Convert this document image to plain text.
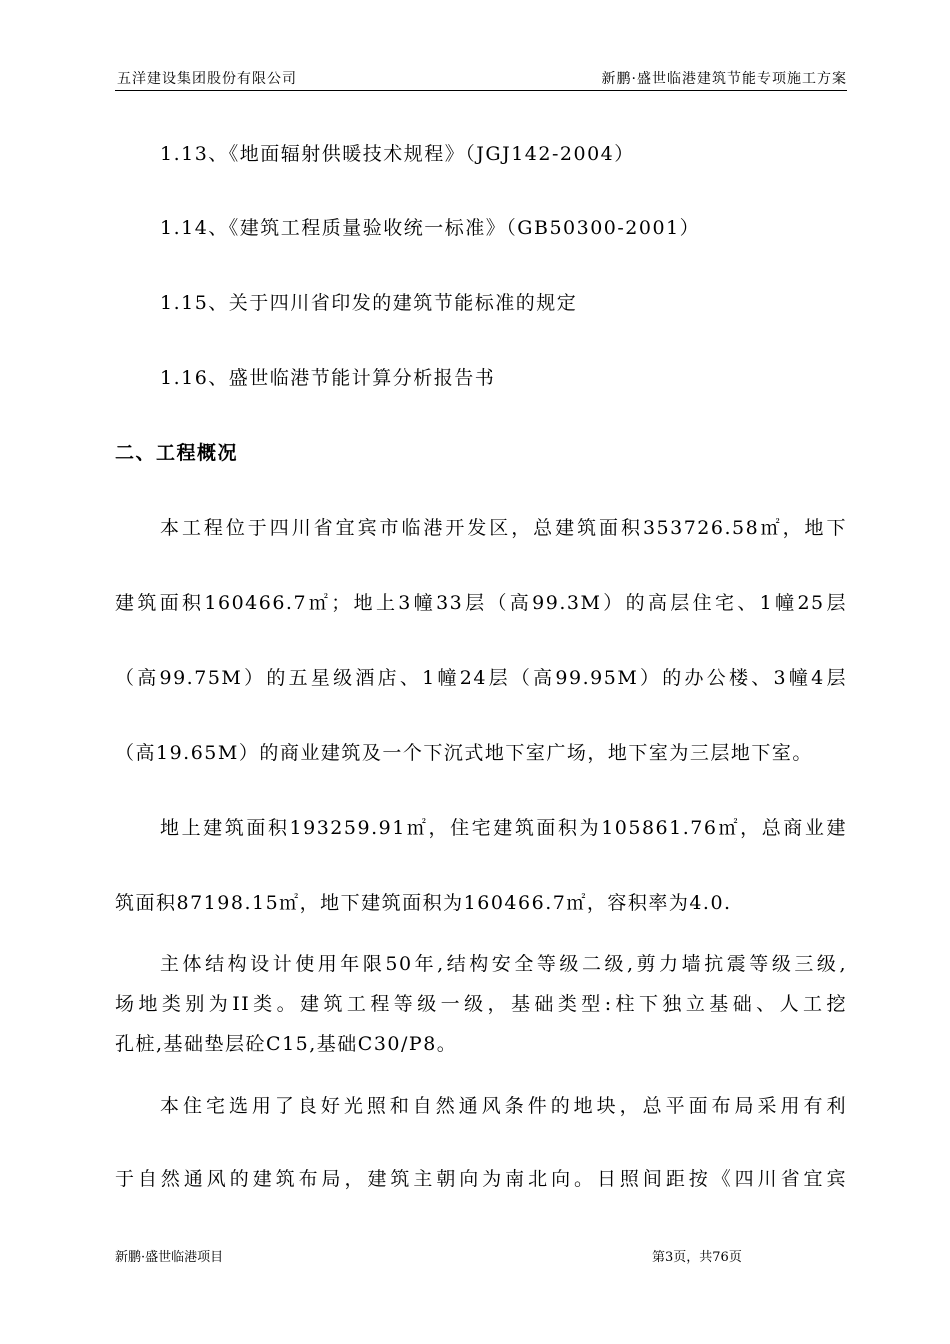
五洋建设集团股份有限公司	新鹏·盛世临港建筑节能专项施工方案
1.13、《地面辐射供暖技术规程》（JGJ142-2004）
1.14、《建筑工程质量验收统一标准》（GB50300-2001）
1.15、关于四川省印发的建筑节能标准的规定
1.16、盛世临港节能计算分析报告书
二、工程概况
本工程位于四川省宜宾市临港开发区，总建筑面积353726.58㎡，地下
建筑面积160466.7㎡；地上3幢33层（高99.3M）的高层住宅、1幢25层
（高99.75M）的五星级酒店、1幢24层（高99.95M）的办公楼、3幢4层
（高19.65M）的商业建筑及一个下沉式地下室广场，地下室为三层地下室。
地上建筑面积193259.91㎡，住宅建筑面积为105861.76㎡，总商业建
筑面积87198.15㎡，地下建筑面积为160466.7㎡，容积率为4.0.
主体结构设计使用年限50年,结构安全等级二级,剪力墙抗震等级三级,
场地类别为II类。建筑工程等级一级，基础类型:柱下独立基础、人工挖
孔桩,基础垫层砼C15,基础C30/P8。
本住宅选用了良好光照和自然通风条件的地块，总平面布局采用有利
于自然通风的建筑布局，建筑主朝向为南北向。日照间距按《四川省宜宾
新鹏·盛世临港项目	第3页，共76页
